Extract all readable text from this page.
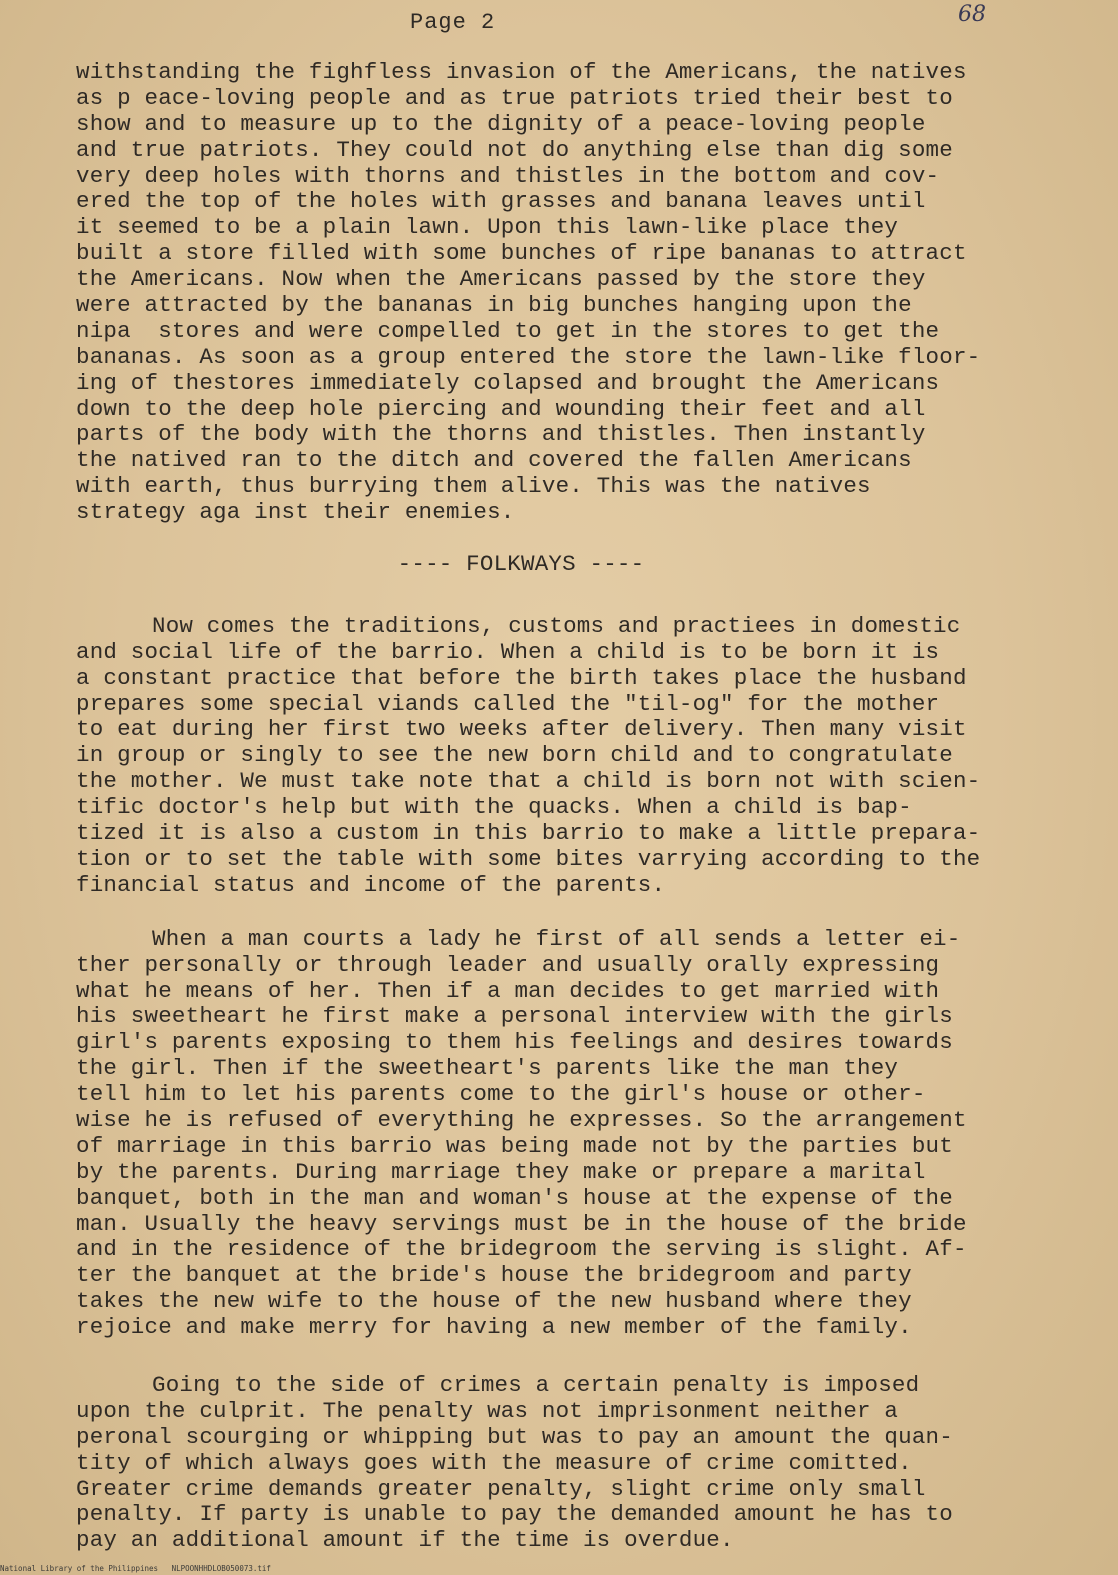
Page 2	68
withstanding the fighfless invasion of the Americans, the natives
as p eace-loving people and as true patriots tried their best to
show and to measure up to the dignity of a peace-loving people
and true patriots. They could not do anything else than dig some
very deep holes with thorns and thistles in the bottom and cov-
ered the top of the holes with grasses and banana leaves until
it seemed to be a plain lawn. Upon this lawn-like place they
built a store filled with some bunches of ripe bananas to attract
the Americans. Now when the Americans passed by the store they
were attracted by the bananas in big bunches hanging upon the
nipa  stores and were compelled to get in the stores to get the
bananas. As soon as a group entered the store the lawn-like floor-
ing of thestores immediately colapsed and brought the Americans
down to the deep hole piercing and wounding their feet and all
parts of the body with the thorns and thistles. Then instantly
the natived ran to the ditch and covered the fallen Americans
with earth, thus burrying them alive. This was the natives
strategy aga inst their enemies.
---- FOLKWAYS ----
Now comes the traditions, customs and practiees in domestic
and social life of the barrio. When a child is to be born it is
a constant practice that before the birth takes place the husband
prepares some special viands called the "til-og" for the mother
to eat during her first two weeks after delivery. Then many visit
in group or singly to see the new born child and to congratulate
the mother. We must take note that a child is born not with scien-
tific doctor's help but with the quacks. When a child is bap-
tized it is also a custom in this barrio to make a little prepara-
tion or to set the table with some bites varrying according to the
financial status and income of the parents.
When a man courts a lady he first of all sends a letter ei-
ther personally or through leader and usually orally expressing
what he means of her. Then if a man decides to get married with
his sweetheart he first make a personal interview with the girls
girl's parents exposing to them his feelings and desires towards
the girl. Then if the sweetheart's parents like the man they
tell him to let his parents come to the girl's house or other-
wise he is refused of everything he expresses. So the arrangement
of marriage in this barrio was being made not by the parties but
by the parents. During marriage they make or prepare a marital
banquet, both in the man and woman's house at the expense of the
man. Usually the heavy servings must be in the house of the bride
and in the residence of the bridegroom the serving is slight. Af-
ter the banquet at the bride's house the bridegroom and party
takes the new wife to the house of the new husband where they
rejoice and make merry for having a new member of the family.
Going to the side of crimes a certain penalty is imposed
upon the culprit. The penalty was not imprisonment neither a
peronal scourging or whipping but was to pay an amount the quan-
tity of which always goes with the measure of crime comitted.
Greater crime demands greater penalty, slight crime only small
penalty. If party is unable to pay the demanded amount he has to
pay an additional amount if the time is overdue.
National Library of the Philippines NLPOONHHDLOB050073.tif
